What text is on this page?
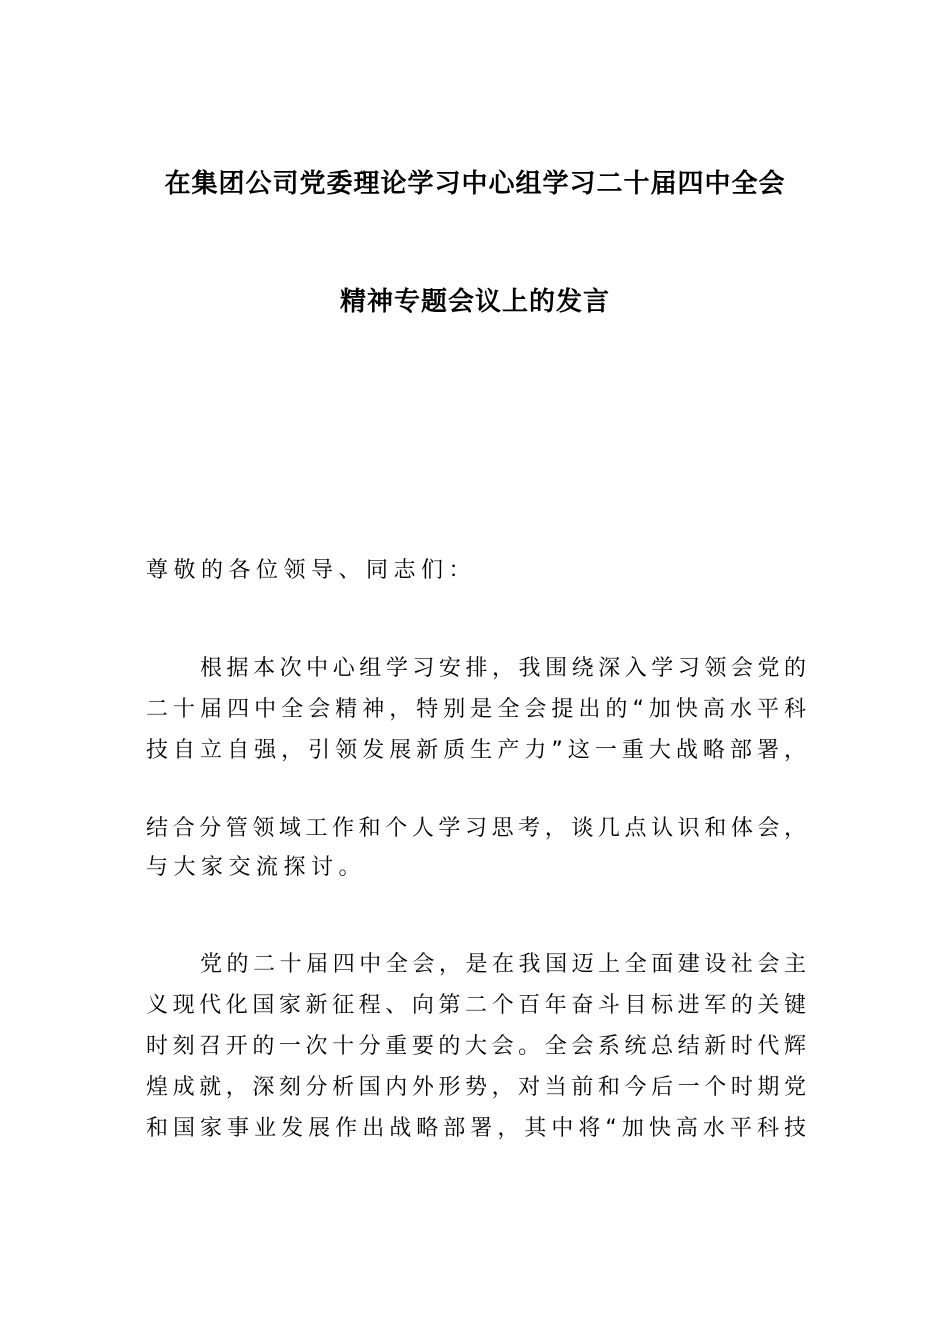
在集团公司党委理论学习中心组学习二十届四中全会
精神专题会议上的发言
尊敬的各位领导、同志们：
根据本次中心组学习安排，我围绕深入学习领会党的
二十届四中全会精神，特别是全会提出的“加快高水平科
技自立自强，引领发展新质生产力”这一重大战略部署，
结合分管领域工作和个人学习思考，谈几点认识和体会，
与大家交流探讨。
党的二十届四中全会，是在我国迈上全面建设社会主
义现代化国家新征程、向第二个百年奋斗目标进军的关键
时刻召开的一次十分重要的大会。全会系统总结新时代辉
煌成就，深刻分析国内外形势，对当前和今后一个时期党
和国家事业发展作出战略部署，其中将“加快高水平科技
